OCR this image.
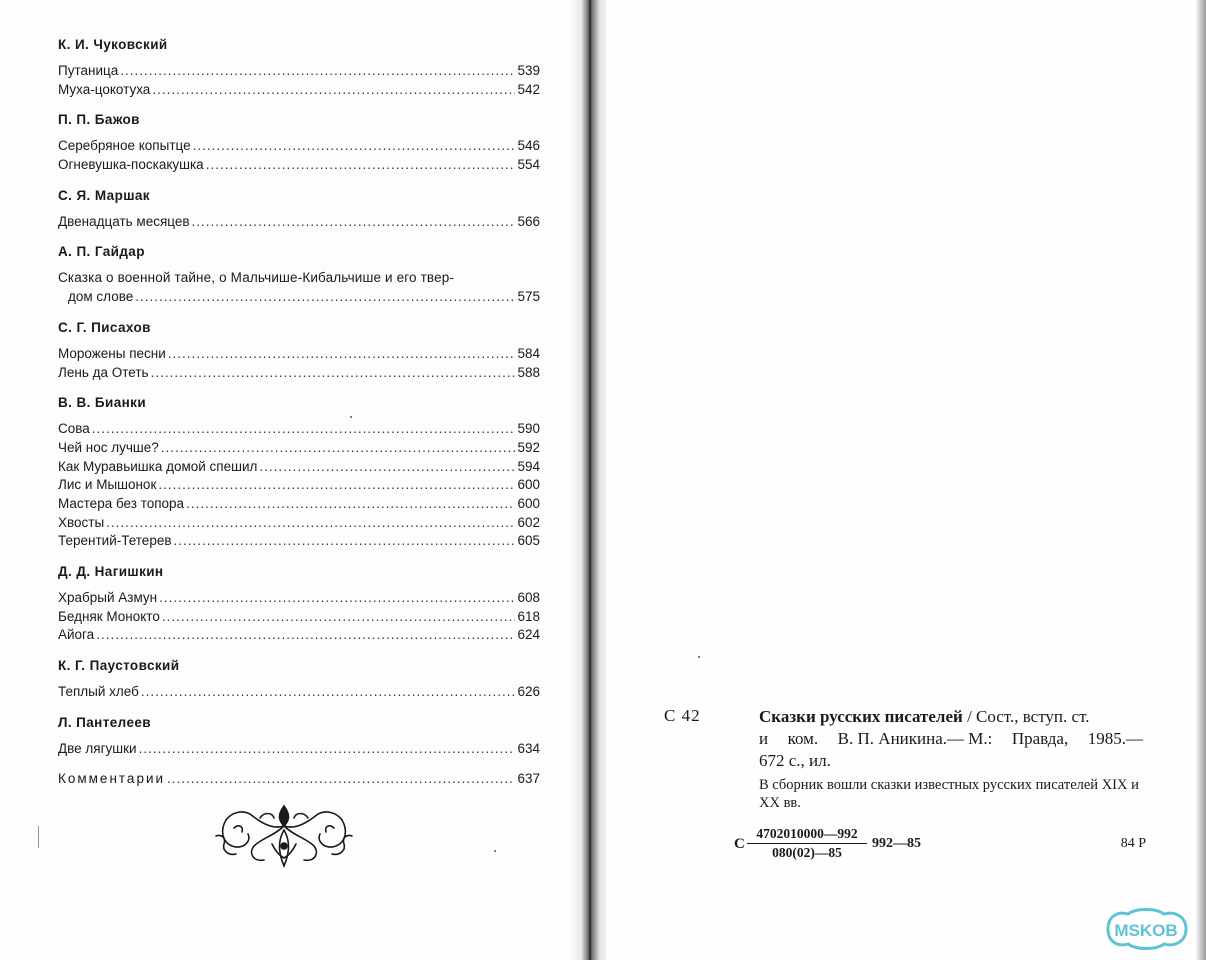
К. И. Чуковский
Путаница .....	539
Муха-цокотуха .....	542
П. П. Бажов
Серебряное копытце .....	546
Огневушка-поскакушка .....	554
С. Я. Маршак
Двенадцать месяцев .....	566
А. П. Гайдар
Сказка о военной тайне, о Мальчише-Кибальчише и его твер-
дом слове .....	575
С. Г. Писахов
Морожены песни .....	584
Лень да Отеть .....	588
В. В. Бианки
Сова .....	590
Чей нос лучше? .....	592
Как Муравьишка домой спешил .....	594
Лис и Мышонок .....	600
Мастера без топора .....	600
Хвосты .....	602
Терентий-Тетерев .....	605
Д. Д. Нагишкин
Храбрый Азмун .....	608
Бедняк Монокто .....	618
Айога .....	624
К. Г. Паустовский
Теплый хлеб .....	626
Л. Пантелеев
Две лягушки .....	634
Комментарии .....	637
С 42	Сказки русских писателей / Сост., вступ. ст.
и ком. В. П. Аникина.— М.: Правда, 1985.—
672 с., ил.
В сборник вошли сказки известных русских писателей XIX и XX вв.
С $\frac{4702010000—992}{080(02)—85}$ 992—85	84 Р
MSKOB
